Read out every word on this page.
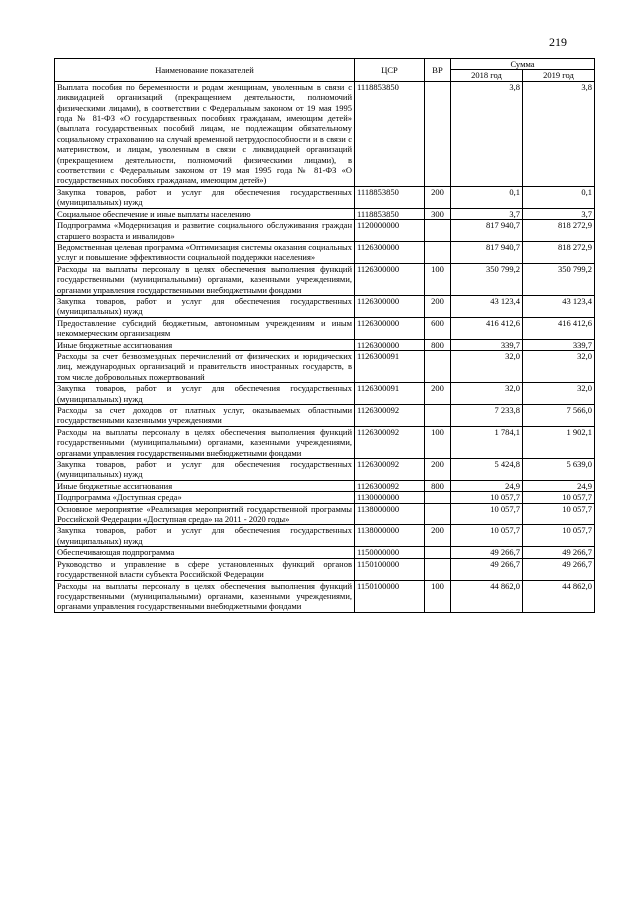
219
Наименование показателей	ЦСР	ВР	Сумма	
			2018 год	2019 год
Выплата пособия по беременности и родам женщинам, уволенным в связи с ликвидацией организаций (прекращением деятельности, полномочий физическими лицами), в соответствии с Федеральным законом от 19 мая 1995 года № 81-ФЗ «О государственных пособиях гражданам, имеющим детей» (выплата государственных пособий лицам, не подлежащим обязательному социальному страхованию на случай временной нетрудоспособности и в связи с материнством, и лицам, уволенным в связи с ликвидацией организаций (прекращением деятельности, полномочий физическими лицами), в соответствии с Федеральным законом от 19 мая 1995 года № 81-ФЗ «О государственных пособиях гражданам, имеющим детей»)	1118853850		3,8	3,8
Закупка товаров, работ и услуг для обеспечения государственных (муниципальных) нужд	1118853850	200	0,1	0,1
Социальное обеспечение и иные выплаты населению	1118853850	300	3,7	3,7
Подпрограмма «Модернизация и развитие социального обслуживания граждан старшего возраста и инвалидов»	1120000000		817 940,7	818 272,9
Ведомственная целевая программа «Оптимизация системы оказания социальных услуг и повышение эффективности социальной поддержки населения»	1126300000		817 940,7	818 272,9
Расходы на выплаты персоналу в целях обеспечения выполнения функций государственными (муниципальными) органами, казенными учреждениями, органами управления государственными внебюджетными фондами	1126300000	100	350 799,2	350 799,2
Закупка товаров, работ и услуг для обеспечения государственных (муниципальных) нужд	1126300000	200	43 123,4	43 123,4
Предоставление субсидий бюджетным, автономным учреждениям и иным некоммерческим организациям	1126300000	600	416 412,6	416 412,6
Иные бюджетные ассигнования	1126300000	800	339,7	339,7
Расходы за счет безвозмездных перечислений от физических и юридических лиц, международных организаций и правительств иностранных государств, в том числе добровольных пожертвований	1126300091		32,0	32,0
Закупка товаров, работ и услуг для обеспечения государственных (муниципальных) нужд	1126300091	200	32,0	32,0
Расходы за счет доходов от платных услуг, оказываемых областными государственными казенными учреждениями	1126300092		7 233,8	7 566,0
Расходы на выплаты персоналу в целях обеспечения выполнения функций государственными (муниципальными) органами, казенными учреждениями, органами управления государственными внебюджетными фондами	1126300092	100	1 784,1	1 902,1
Закупка товаров, работ и услуг для обеспечения государственных (муниципальных) нужд	1126300092	200	5 424,8	5 639,0
Иные бюджетные ассигнования	1126300092	800	24,9	24,9
Подпрограмма «Доступная среда»	1130000000		10 057,7	10 057,7
Основное мероприятие «Реализация мероприятий государственной программы Российской Федерации «Доступная среда» на 2011 - 2020 годы»	1138000000		10 057,7	10 057,7
Закупка товаров, работ и услуг для обеспечения государственных (муниципальных) нужд	1138000000	200	10 057,7	10 057,7
Обеспечивающая подпрограмма	1150000000		49 266,7	49 266,7
Руководство и управление в сфере установленных функций органов государственной власти субъекта Российской Федерации	1150100000		49 266,7	49 266,7
Расходы на выплаты персоналу в целях обеспечения выполнения функций государственными (муниципальными) органами, казенными учреждениями, органами управления государственными внебюджетными фондами	1150100000	100	44 862,0	44 862,0
